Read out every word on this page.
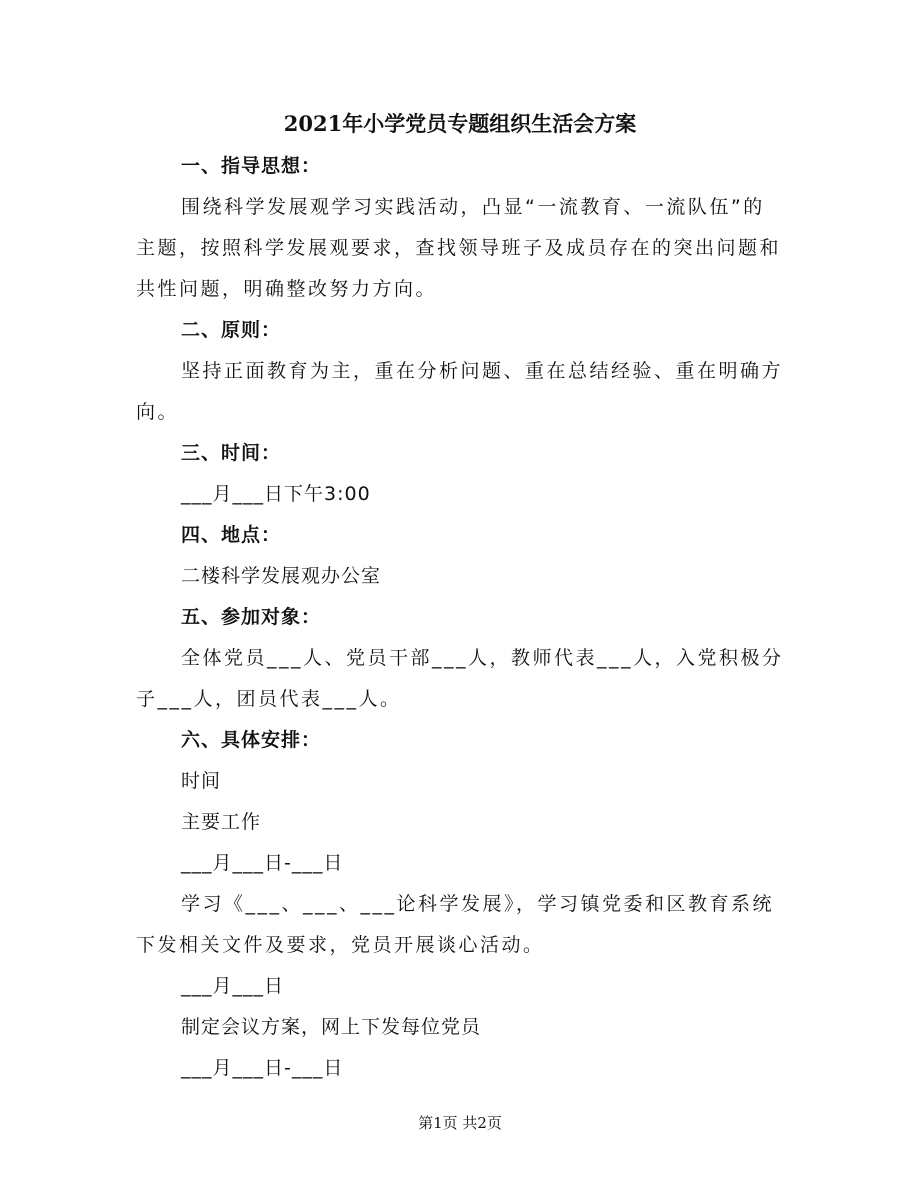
2021年小学党员专题组织生活会方案
一、指导思想：
围绕科学发展观学习实践活动，凸显“一流教育、一流队伍”的主题，按照科学发展观要求，查找领导班子及成员存在的突出问题和共性问题，明确整改努力方向。
二、原则：
坚持正面教育为主，重在分析问题、重在总结经验、重在明确方向。
三、时间：
___月___日下午3:00
四、地点：
二楼科学发展观办公室
五、参加对象：
全体党员___人、党员干部___人，教师代表___人，入党积极分子___人，团员代表___人。
六、具体安排：
时间
主要工作
___月___日-___日
学习《___、___、___论科学发展》，学习镇党委和区教育系统下发相关文件及要求，党员开展谈心活动。
___月___日
制定会议方案，网上下发每位党员
___月___日-___日
第1页 共2页
